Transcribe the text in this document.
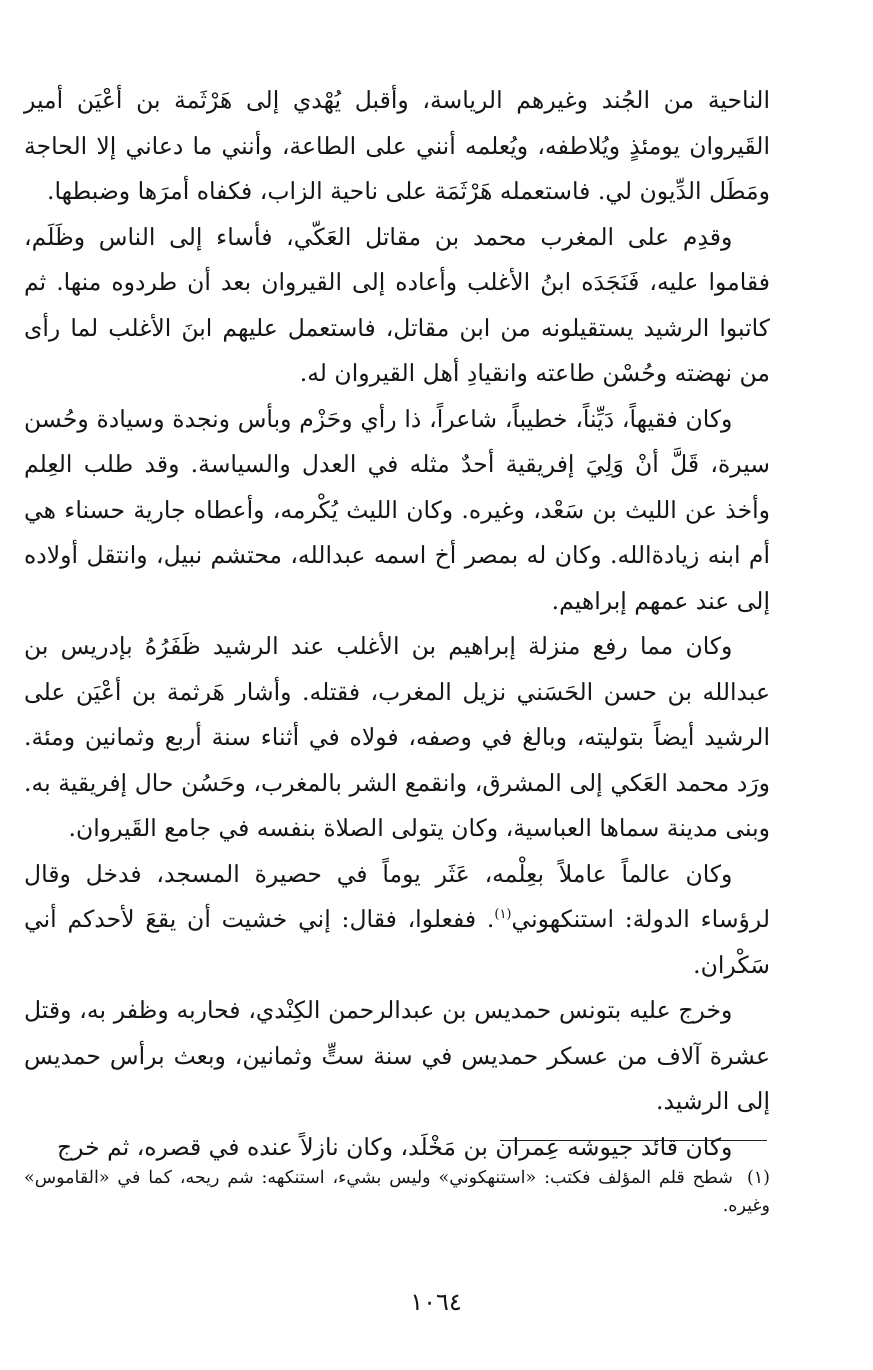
الناحية من الجُند وغيرهم الرياسة، وأقبل يُهْدي إلى هَرْثَمة بن أعْيَن أمير القَيروان يومئذٍ ويُلاطفه، ويُعلمه أنني على الطاعة، وأنني ما دعاني إلا الحاجة ومَطَل الدِّيون لي. فاستعمله هَرْثَمَة على ناحية الزاب، فكفاه أمرَها وضبطها.

وقدِم على المغرب محمد بن مقاتل العَكّي، فأساء إلى الناس وظَلَم، فقاموا عليه، فَنَجَدَه ابنُ الأغلب وأعاده إلى القيروان بعد أن طردوه منها. ثم كاتبوا الرشيد يستقيلونه من ابن مقاتل، فاستعمل عليهم ابنَ الأغلب لما رأى من نهضته وحُسْن طاعته وانقيادِ أهل القيروان له.

وكان فقيهاً، دَيِّناً، خطيباً، شاعراً، ذا رأي وحَزْم وبأس ونجدة وسيادة وحُسن سيرة، قَلَّ أنْ وَلِيَ إفريقية أحدٌ مثله في العدل والسياسة. وقد طلب العِلم وأخذ عن الليث بن سَعْد، وغيره. وكان الليث يُكْرمه، وأعطاه جارية حسناء هي أم ابنه زيادةالله. وكان له بمصر أخ اسمه عبدالله، محتشم نبيل، وانتقل أولاده إلى عند عمهم إبراهيم.

وكان مما رفع منزلة إبراهيم بن الأغلب عند الرشيد ظَفَرُهُ بإدريس بن عبدالله بن حسن الحَسَني نزيل المغرب، فقتله. وأشار هَرثمة بن أعْيَن على الرشيد أيضاً بتوليته، وبالغ في وصفه، فولاه في أثناء سنة أربع وثمانين ومئة. ورَد محمد العَكي إلى المشرق، وانقمع الشر بالمغرب، وحَسُن حال إفريقية به. وبنى مدينة سماها العباسية، وكان يتولى الصلاة بنفسه في جامع القَيروان.

وكان عالماً عاملاً بعِلْمه، عَثَر يوماً في حصيرة المسجد، فدخل وقال لرؤساء الدولة: استنكهوني$^{(١)}$. ففعلوا، فقال: إني خشيت أن يقعَ لأحدكم أني سَكْران.

وخرج عليه بتونس حمديس بن عبدالرحمن الكِنْدي، فحاربه وظفر به، وقتل عشرة آلاف من عسكر حمديس في سنة ستٍّ وثمانين، وبعث برأس حمديس إلى الرشيد.

وكان قائد جيوشه عِمران بن مَخْلَد، وكان نازلاً عنده في قصره، ثم خرج

(١)شطح قلم المؤلف فكتب: «استنهكوني» وليس بشيء، استنكهه: شم ريحه، كما في «القاموس» وغيره.
١٠٦٤
